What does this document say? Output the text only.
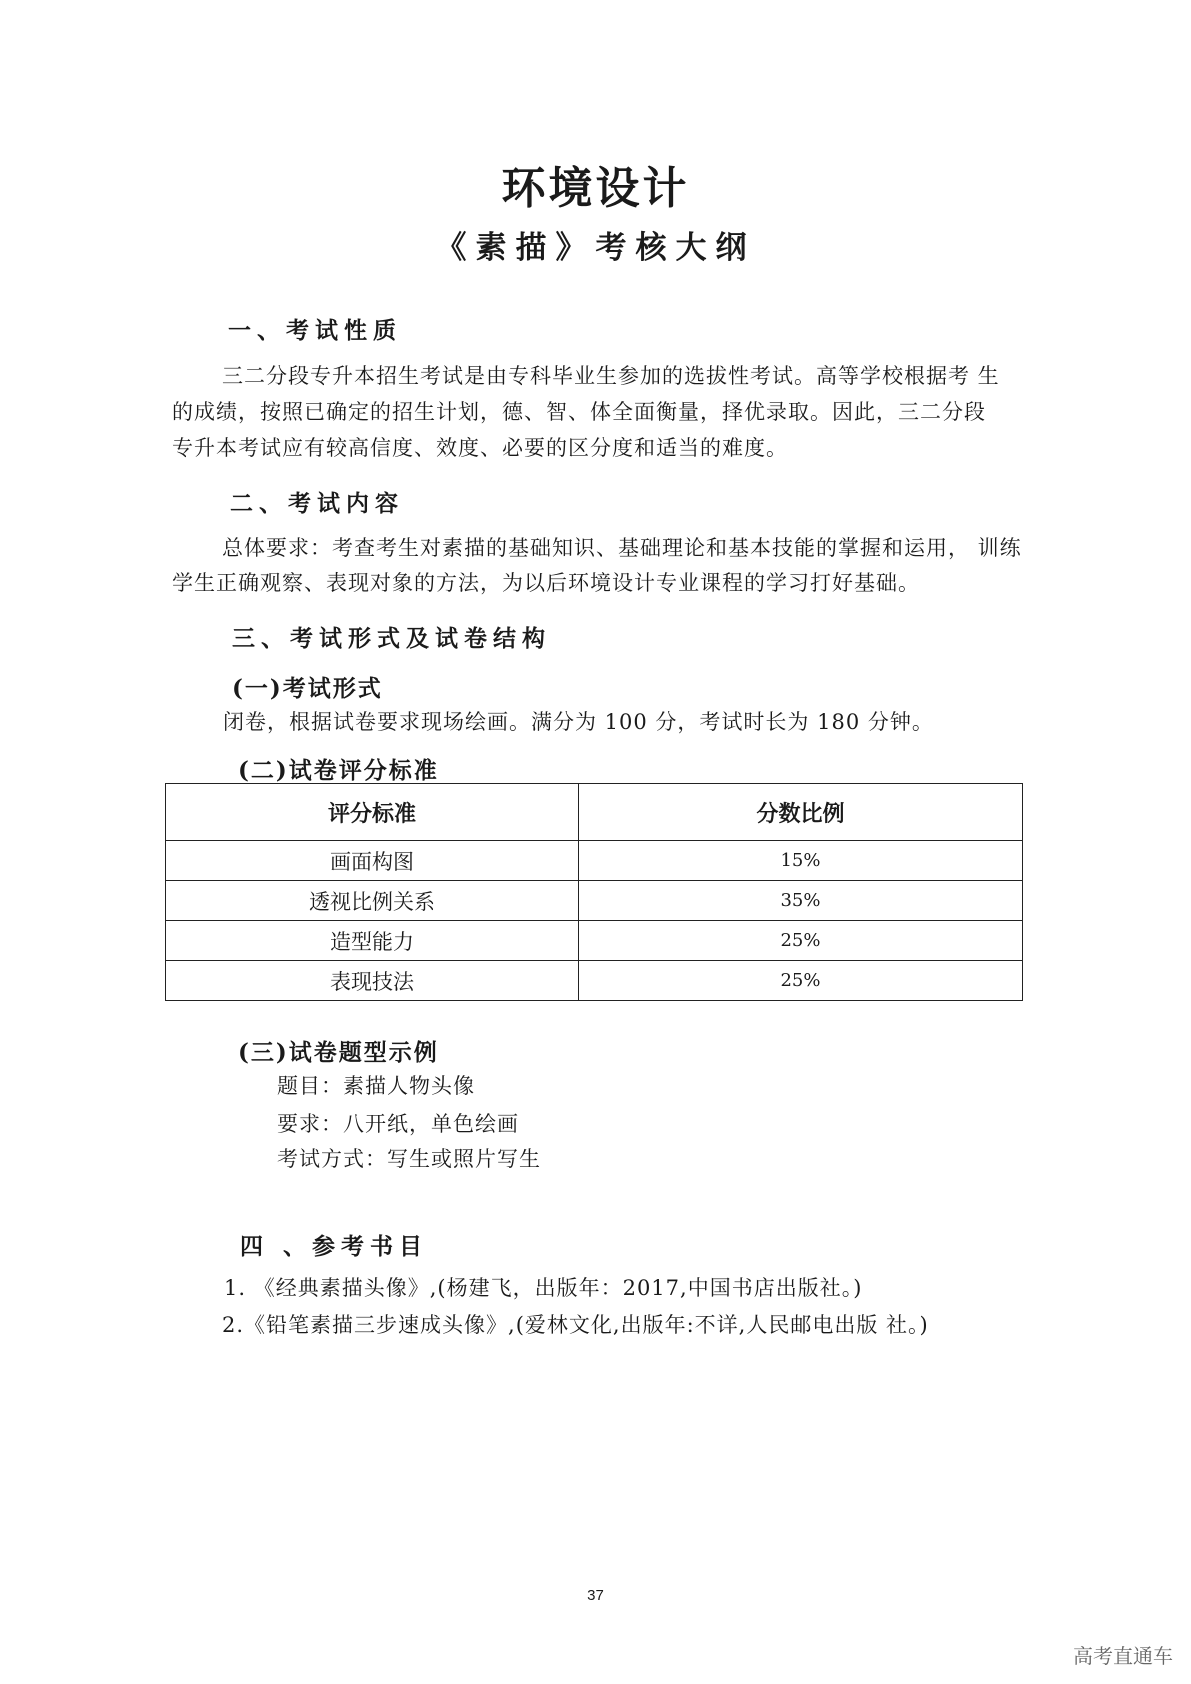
环境设计
《素描》考核大纲
一、考试性质
三二分段专升本招生考试是由专科毕业生参加的选拔性考试。高等学校根据考 生
的成绩，按照已确定的招生计划，德、智、体全面衡量，择优录取。因此，三二分段
专升本考试应有较高信度、效度、必要的区分度和适当的难度。
二、考试内容
总体要求：考查考生对素描的基础知识、基础理论和基本技能的掌握和运用， 训练
学生正确观察、表现对象的方法，为以后环境设计专业课程的学习打好基础。
三、考试形式及试卷结构
(一)考试形式
闭卷，根据试卷要求现场绘画。满分为 100 分，考试时长为 180 分钟。
(二)试卷评分标准
评分标准	分数比例
画面构图	15%
透视比例关系	35%
造型能力	25%
表现技法	25%
(三)试卷题型示例
题目：素描人物头像
要求：八开纸，单色绘画
考试方式：写生或照片写生
四 、参考书目
1. 《经典素描头像》,(杨建飞，出版年：2017,中国书店出版社。)
2.《铅笔素描三步速成头像》,(爱林文化,出版年:不详,人民邮电出版 社。)
37
高考直通车
